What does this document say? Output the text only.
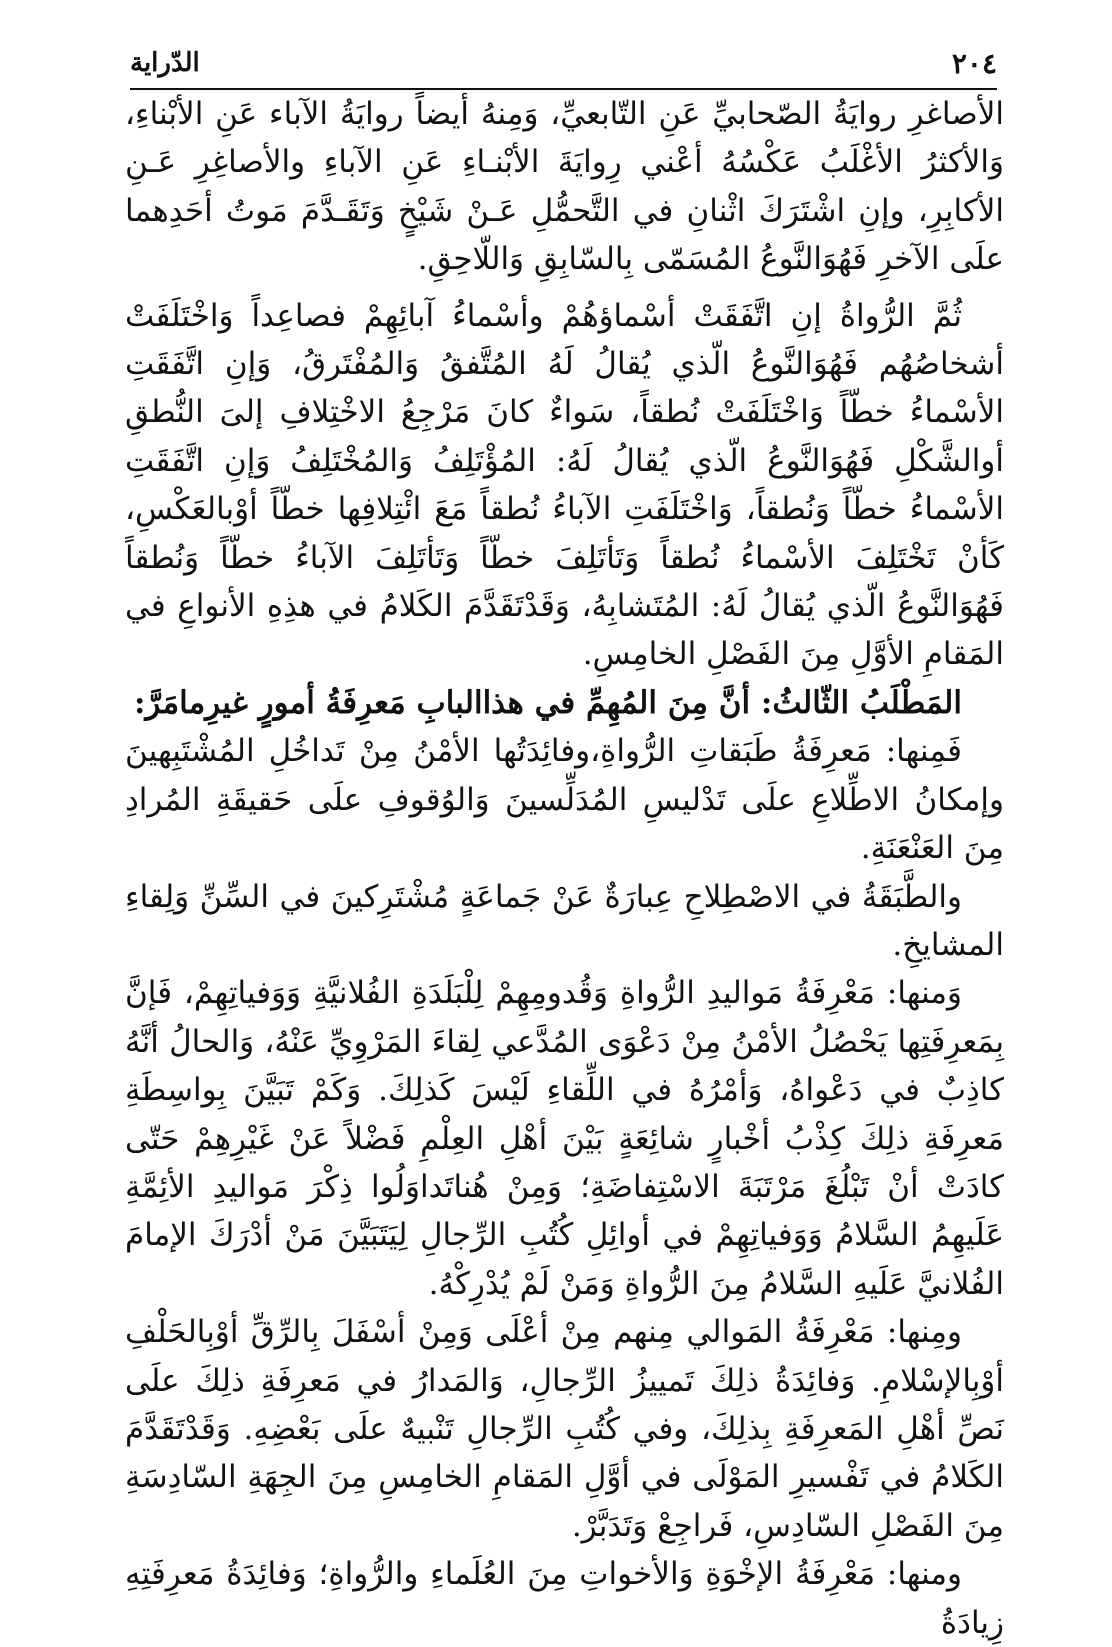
الدّراية	٢٠٤

الأصاغرِ روايَةُ الصّحابيِّ عَنِ التّابعيِّ، وَمِنهُ أيضاً روايَةُ الآباء عَنِ الأبْناءِ، وَالأكثرُ الأغْلَبُ عَكْسُهُ أعْني رِوايَةَ الأبْنـاءِ عَنِ الآباءِ والأصاغِرِ عَـنِ الأكابِرِ، وإنِ اشْتَرَكَ اثْنانِ في التَّحمُّلِ عَـنْ شَيْخٍ وَتَقَـدَّمَ مَوتُ أحَدِهما علَى الآخرِ فَهُوَالنَّوعُ المُسَمّى بِالسّابِقِ وَاللّاحِقِ.

ثُمَّ الرُّواةُ إنِ اتَّفَقَتْ أسْماؤهُمْ وأسْماءُ آبائِهِمْ فصاعِداً وَاخْتَلَفَتْ أشخاصُهُم فَهُوَالنَّوعُ الّذي يُقالُ لَهُ المُتَّفقُ وَالمُفْتَرقُ، وَإنِ اتَّفَقَتِ الأسْماءُ خطّاً وَاخْتَلَفَتْ نُطقاً، سَواءٌ كانَ مَرْجِعُ الاخْتِلافِ إلىَ النُّطقِ أوالشَّكْلِ فَهُوَالنَّوعُ الّذي يُقالُ لَهُ: المُؤْتَلِفُ وَالمُخْتَلِفُ وَإنِ اتَّفَقَتِ الأسْماءُ خطّاً وَنُطقاً، وَاخْتَلَفَتِ الآباءُ نُطقاً مَعَ ائْتِلافِها خطّاً أوْبالعَكْسِ، كَأنْ تَخْتَلِفَ الأسْماءُ نُطقاً وَتَأتَلِفَ خطّاً وَتَأتَلِفَ الآباءُ خطّاً وَنُطقاً فَهُوَالنَّوعُ الّذي يُقالُ لَهُ: المُتَشابِهُ، وَقَدْتَقَدَّمَ الكَلامُ في هذِهِ الأنواعِ في المَقامِ الأوَّلِ مِنَ الفَصْلِ الخامِسِ.

المَطْلَبُ الثّالثُ: أنَّ مِنَ المُهِمِّ في هذاالبابِ مَعرِفَةُ أمورٍ غيرِمامَرَّ:

فَمِنها: مَعرِفَةُ طَبَقاتِ الرُّواةِ،وفائِدَتُها الأمْنُ مِنْ تَداخُلِ المُشْتَبِهينَ وإمكانُ الاطِّلاعِ علَى تَدْليسِ المُدَلِّسينَ وَالوُقوفِ علَى حَقيقَةِ المُرادِ مِنَ العَنْعَنَةِ.

والطَّبَقَةُ في الاصْطِلاحِ عِبارَةٌ عَنْ جَماعَةٍ مُشْتَرِكينَ في السِّنِّ وَلِقاءِ المشايخِ.

وَمنها: مَعْرِفَةُ مَواليدِ الرُّواةِ وَقُدومِهِمْ لِلْبَلَدَةِ الفُلانيَّةِ وَوَفياتِهِمْ، فَإنَّ بِمَعرِفَتِها يَحْصُلُ الأمْنُ مِنْ دَعْوَى المُدَّعي لِقاءَ المَرْوِيِّ عَنْهُ، وَالحالُ أنَّهُ كاذِبٌ في دَعْواهُ، وَأمْرُهُ في اللِّقاءِ لَيْسَ كَذلِكَ. وَكَمْ تَبَيَّنَ بِواسِطَةِ مَعرِفَةِ ذلِكَ كِذْبُ أخْبارٍ شائِعَةٍ بَيْنَ أهْلِ العِلْمِ فَضْلاً عَنْ غَيْرِهِمْ حَتّى كادَتْ أنْ تَبْلُغَ مَرْتَبَةَ الاسْتِفاضَةِ؛ وَمِنْ هُناتَداوَلُوا ذِكْرَ مَواليدِ الأئِمَّةِ عَلَيهِمُ السَّلامُ وَوَفياتِهِمْ في أوائِلِ كُتُبِ الرِّجالِ لِيَتَبَيَّنَ مَنْ أدْرَكَ الإمامَ الفُلانيَّ عَلَيهِ السَّلامُ مِنَ الرُّواةِ وَمَنْ لَمْ يُدْرِكْهُ.

ومِنها: مَعْرِفَةُ المَوالي مِنهم مِنْ أعْلَى وَمِنْ أسْفَلَ بِالرِّقِّ أوْبِالحَلْفِ أوْبِالإسْلامِ. وَفائِدَةُ ذلِكَ تَمييزُ الرِّجالِ، وَالمَدارُ في مَعرِفَةِ ذلِكَ علَى نَصِّ أهْلِ المَعرِفَةِ بِذلِكَ، وفي كُتُبِ الرِّجالِ تَنْبيهٌ علَى بَعْضِهِ. وَقَدْتَقَدَّمَ الكَلامُ في تَفْسيرِ المَوْلَى في أوَّلِ المَقامِ الخامِسِ مِنَ الجِهَةِ السّادِسَةِ مِنَ الفَصْلِ السّادِسِ، فَراجِعْ وَتَدَبَّرْ.

ومنها: مَعْرِفَةُ الإخْوَةِ وَالأخواتِ مِنَ العُلَماءِ والرُّواةِ؛ وَفائِدَةُ مَعرِفَتِهِ زِيادَةُ
